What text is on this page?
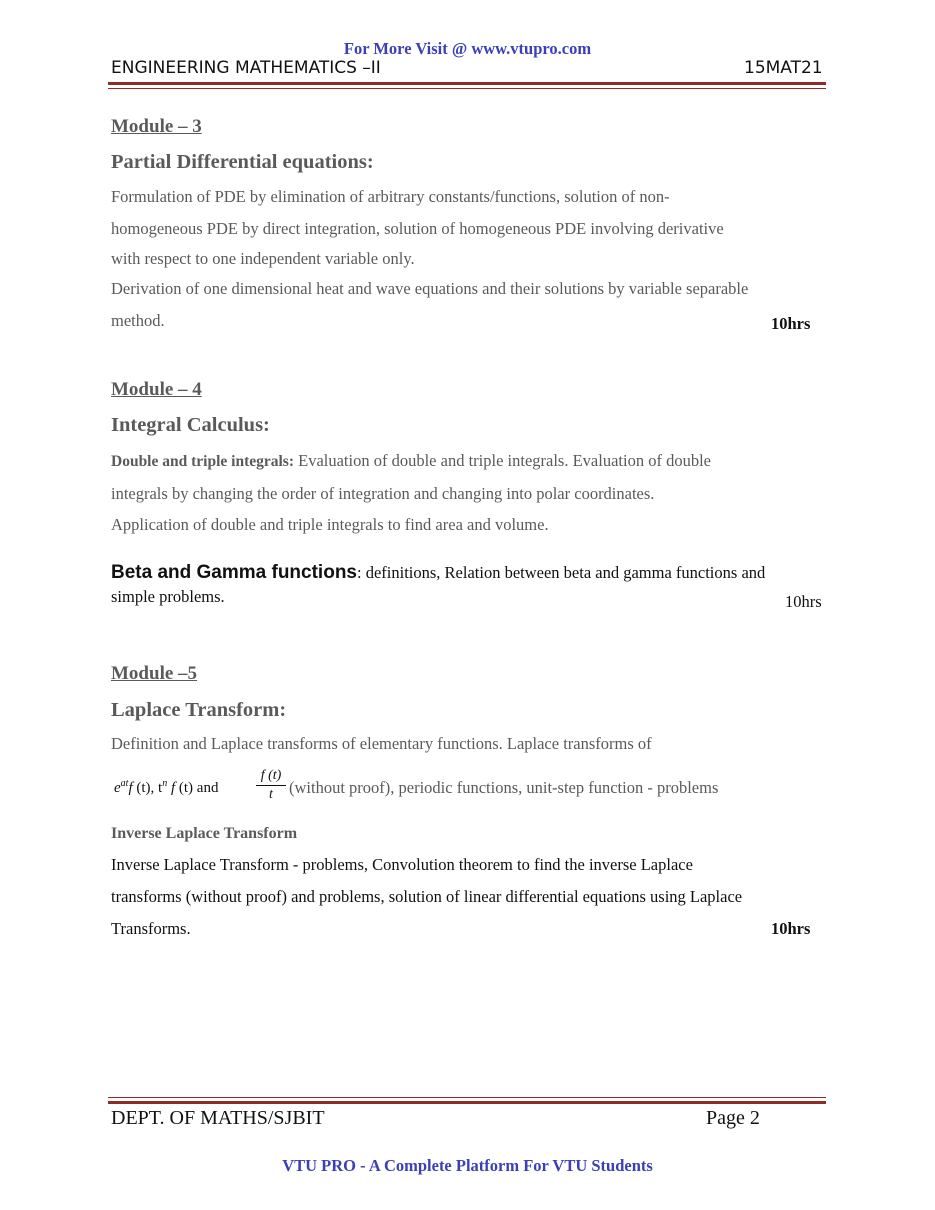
For More Visit @ www.vtupro.com
ENGINEERING MATHEMATICS –II	15MAT21
Module – 3
Partial Differential equations:
Formulation of PDE by elimination of arbitrary constants/functions, solution of non-
homogeneous PDE by direct integration, solution of homogeneous PDE involving derivative
with respect to one independent variable only.
Derivation of one dimensional heat and wave equations and their solutions by variable separable
method.	10hrs
Module – 4
Integral Calculus:
Double and triple integrals: Evaluation of double and triple integrals. Evaluation of double
integrals by changing the order of integration and changing into polar coordinates.
Application of double and triple integrals to find area and volume.
Beta and Gamma functions: definitions, Relation between beta and gamma functions and
simple problems.	10hrs
Module –5
Laplace Transform:
Definition and Laplace transforms of elementary functions. Laplace transforms of
$e^{at}f$ (t), $t^n$ f (t) and
f (t)
t (without proof), periodic functions, unit-step function - problems
Inverse Laplace Transform
Inverse Laplace Transform - problems, Convolution theorem to find the inverse Laplace
transforms (without proof) and problems, solution of linear differential equations using Laplace
Transforms.	10hrs
DEPT. OF MATHS/SJBIT	Page 2
VTU PRO - A Complete Platform For VTU Students
